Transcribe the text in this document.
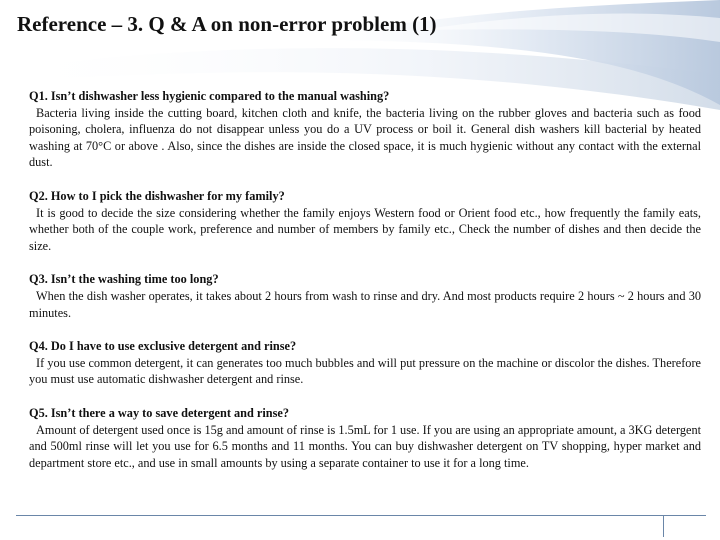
Reference – 3. Q & A on non-error problem (1)
Q1. Isn’t dishwasher less hygienic compared to the manual washing?
Bacteria living inside the cutting board, kitchen cloth and knife, the bacteria living on the rubber gloves and bacteria such as food poisoning, cholera, influenza do not disappear unless you do a UV process or boil it. General dish washers kill bacterial by heated washing at 70°C or above . Also, since the dishes are inside the closed space, it is much hygienic without any contact with the external dust.
Q2. How to I pick the dishwasher for my family?
It is good to decide the size considering whether the family enjoys Western food or Orient food etc., how frequently the family eats, whether both of the couple work, preference and number of members by family etc., Check the number of dishes and then decide the size.
Q3. Isn’t the washing time too long?
When the dish washer operates, it takes about 2 hours from wash to rinse and dry. And most products require 2 hours ~ 2 hours and 30 minutes.
Q4. Do I have to use exclusive detergent and rinse?
If you use common detergent, it can generates too much bubbles and will put pressure on the machine or discolor the dishes. Therefore you must use automatic dishwasher detergent and rinse.
Q5. Isn’t there a way to save detergent and rinse?
Amount of detergent used once is 15g and amount of rinse is 1.5mL for 1 use. If you are using an appropriate amount, a 3KG detergent and 500ml rinse will let you use for 6.5 months and 11 months. You can buy dishwasher detergent on TV shopping, hyper market and department store etc., and use in small amounts by using a separate container to use it for a long time.
